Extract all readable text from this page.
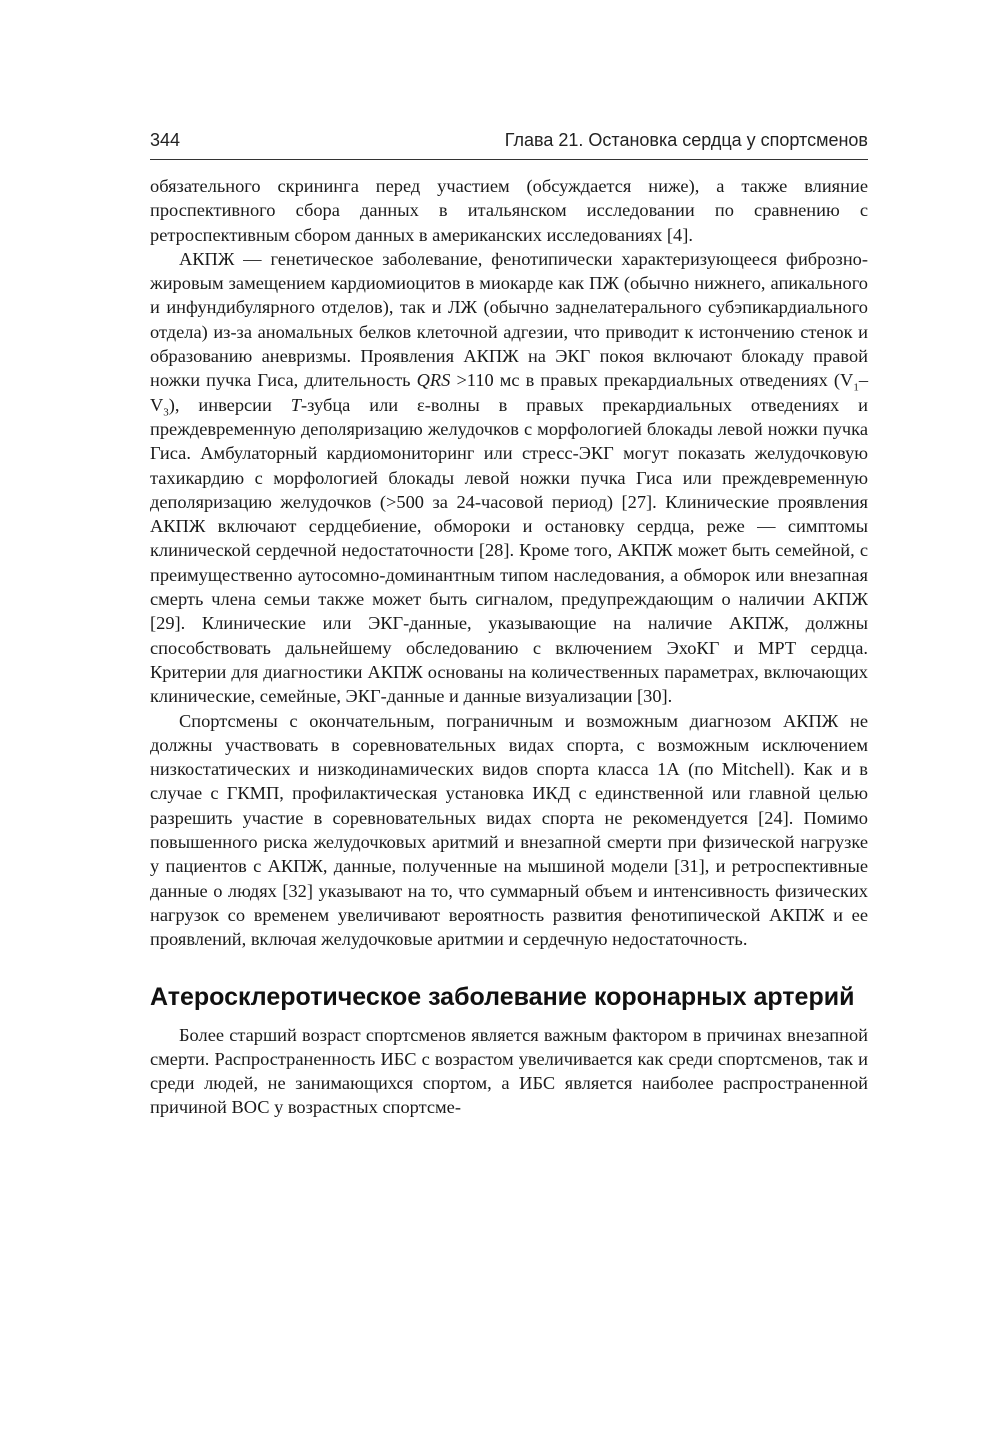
344	Глава 21. Остановка сердца у спортсменов

обязательного скрининга перед участием (обсуждается ниже), а также влияние проспективного сбора данных в итальянском исследовании по сравнению с ретроспективным сбором данных в американских исследованиях [4].

АКПЖ — генетическое заболевание, фенотипически характеризующееся фиброзно-жировым замещением кардиомиоцитов в миокарде как ПЖ (обычно нижнего, апикального и инфундибулярного отделов), так и ЛЖ (обычно заднелатерального субэпикардиального отдела) из-за аномальных белков клеточной адгезии, что приводит к истончению стенок и образованию аневризмы. Проявления АКПЖ на ЭКГ покоя включают блокаду правой ножки пучка Гиса, длительность QRS >110 мс в правых прекардиальных отведениях $(V_1-V_3)$, инверсии T-зубца или ε-волны в правых прекардиальных отведениях и преждевременную деполяризацию желудочков с морфологией блокады левой ножки пучка Гиса. Амбулаторный кардиомониторинг или стресс-ЭКГ могут показать желудочковую тахикардию с морфологией блокады левой ножки пучка Гиса или преждевременную деполяризацию желудочков (>500 за 24-часовой период) [27]. Клинические проявления АКПЖ включают сердцебиение, обмороки и остановку сердца, реже — симптомы клинической сердечной недостаточности [28]. Кроме того, АКПЖ может быть семейной, с преимущественно аутосомно-доминантным типом наследования, а обморок или внезапная смерть члена семьи также может быть сигналом, предупреждающим о наличии АКПЖ [29]. Клинические или ЭКГ-данные, указывающие на наличие АКПЖ, должны способствовать дальнейшему обследованию с включением ЭхоКГ и МРТ сердца. Критерии для диагностики АКПЖ основаны на количественных параметрах, включающих клинические, семейные, ЭКГ-данные и данные визуализации [30].

Спортсмены с окончательным, пограничным и возможным диагнозом АКПЖ не должны участвовать в соревновательных видах спорта, с возможным исключением низкостатических и низкодинамических видов спорта класса 1А (по Mitchell). Как и в случае с ГКМП, профилактическая установка ИКД с единственной или главной целью разрешить участие в соревновательных видах спорта не рекомендуется [24]. Помимо повышенного риска желудочковых аритмий и внезапной смерти при физической нагрузке у пациентов с АКПЖ, данные, полученные на мышиной модели [31], и ретроспективные данные о людях [32] указывают на то, что суммарный объем и интенсивность физических нагрузок со временем увеличивают вероятность развития фенотипической АКПЖ и ее проявлений, включая желудочковые аритмии и сердечную недостаточность.

Атеросклеротическое заболевание коронарных артерий

Более старший возраст спортсменов является важным фактором в причинах внезапной смерти. Распространенность ИБС с возрастом увеличивается как среди спортсменов, так и среди людей, не занимающихся спортом, а ИБС является наиболее распространенной причиной ВОС у возрастных спортсме-
